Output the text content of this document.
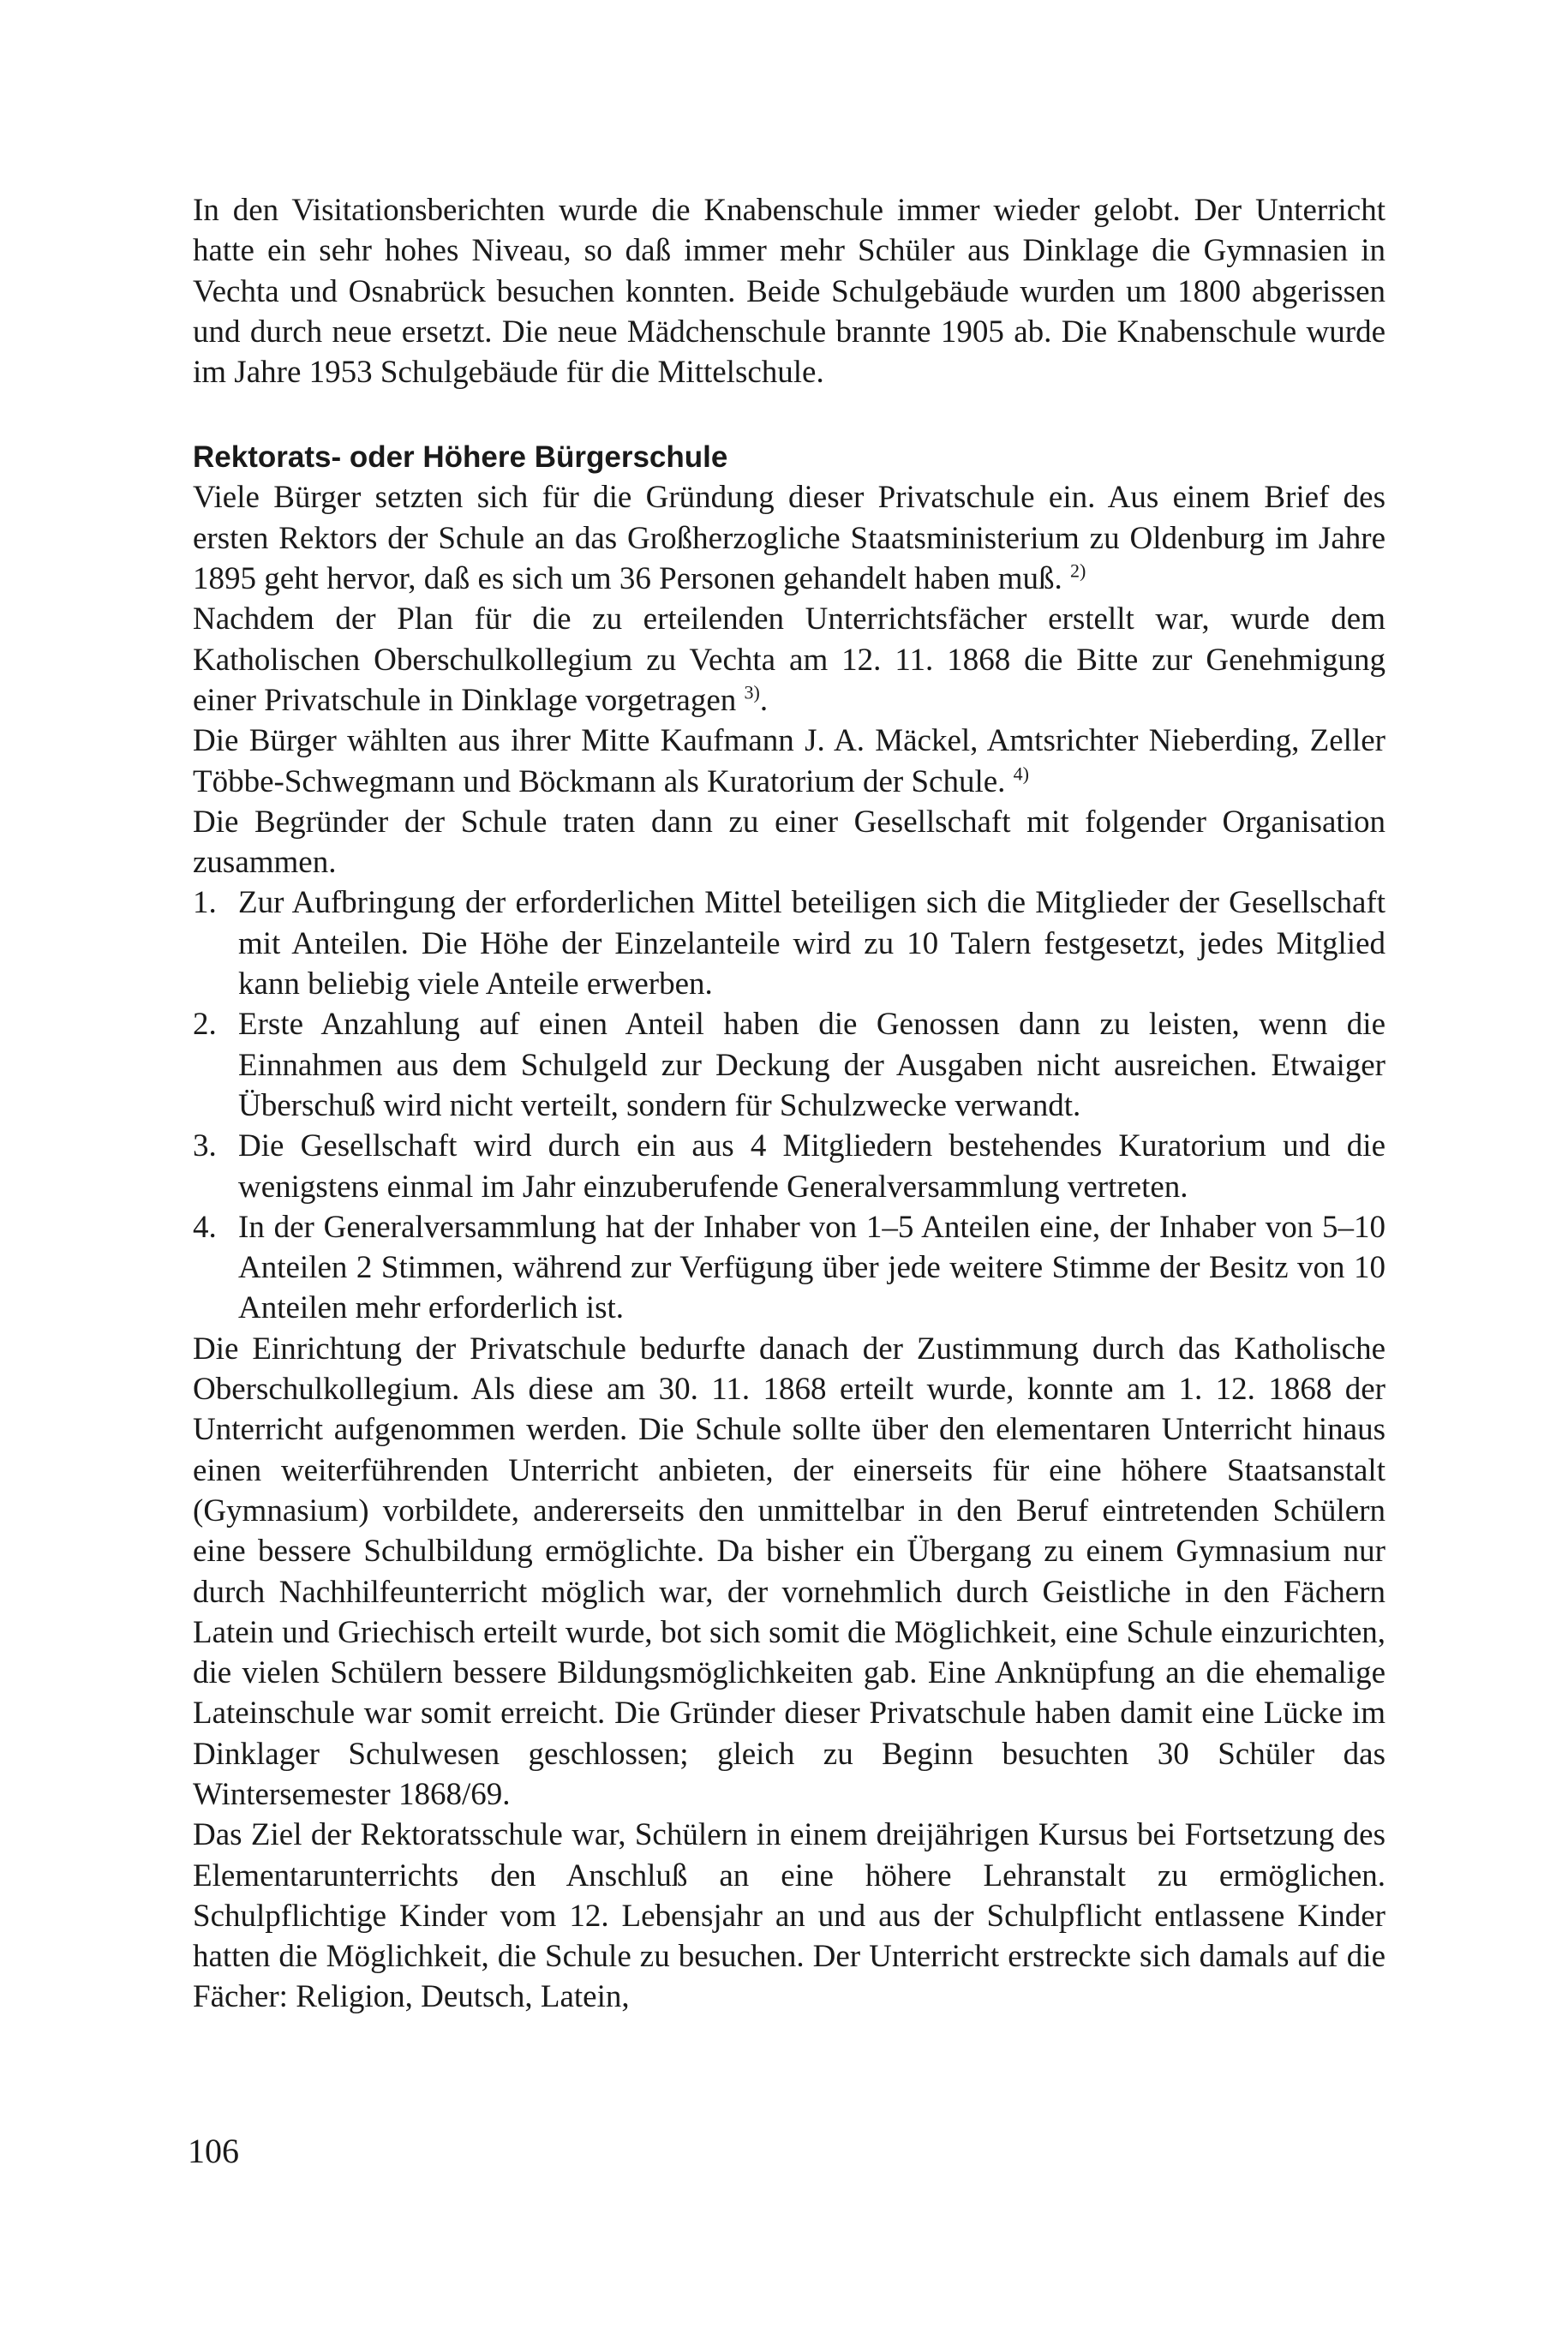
In den Visitationsberichten wurde die Knabenschule immer wieder gelobt. Der Unterricht hatte ein sehr hohes Niveau, so daß immer mehr Schüler aus Dinklage die Gymnasien in Vechta und Osnabrück besuchen konnten. Beide Schulgebäude wurden um 1800 abgerissen und durch neue ersetzt. Die neue Mädchenschule brannte 1905 ab. Die Knabenschule wurde im Jahre 1953 Schulgebäude für die Mittelschule.

Rektorats- oder Höhere Bürgerschule

Viele Bürger setzten sich für die Gründung dieser Privatschule ein. Aus einem Brief des ersten Rektors der Schule an das Großherzogliche Staatsministerium zu Oldenburg im Jahre 1895 geht hervor, daß es sich um 36 Personen gehandelt haben muß. $^{2)}$

Nachdem der Plan für die zu erteilenden Unterrichtsfächer erstellt war, wurde dem Katholischen Oberschulkollegium zu Vechta am 12. 11. 1868 die Bitte zur Genehmigung einer Privatschule in Dinklage vorgetragen $^{3)}$.

Die Bürger wählten aus ihrer Mitte Kaufmann J. A. Mäckel, Amtsrichter Nieberding, Zeller Többe-Schwegmann und Böckmann als Kuratorium der Schule. $^{4)}$

Die Begründer der Schule traten dann zu einer Gesellschaft mit folgender Organisation zusammen.

1. Zur Aufbringung der erforderlichen Mittel beteiligen sich die Mitglieder der Gesellschaft mit Anteilen. Die Höhe der Einzelanteile wird zu 10 Talern festgesetzt, jedes Mitglied kann beliebig viele Anteile erwerben.
2. Erste Anzahlung auf einen Anteil haben die Genossen dann zu leisten, wenn die Einnahmen aus dem Schulgeld zur Deckung der Ausgaben nicht ausreichen. Etwaiger Überschuß wird nicht verteilt, sondern für Schulzwecke verwandt.
3. Die Gesellschaft wird durch ein aus 4 Mitgliedern bestehendes Kuratorium und die wenigstens einmal im Jahr einzuberufende Generalversammlung vertreten.
4. In der Generalversammlung hat der Inhaber von 1–5 Anteilen eine, der Inhaber von 5–10 Anteilen 2 Stimmen, während zur Verfügung über jede weitere Stimme der Besitz von 10 Anteilen mehr erforderlich ist.

Die Einrichtung der Privatschule bedurfte danach der Zustimmung durch das Katholische Oberschulkollegium. Als diese am 30. 11. 1868 erteilt wurde, konnte am 1. 12. 1868 der Unterricht aufgenommen werden. Die Schule sollte über den elementaren Unterricht hinaus einen weiterführenden Unterricht anbieten, der einerseits für eine höhere Staatsanstalt (Gymnasium) vorbildete, andererseits den unmittelbar in den Beruf eintretenden Schülern eine bessere Schulbildung ermöglichte. Da bisher ein Übergang zu einem Gymnasium nur durch Nachhilfeunterricht möglich war, der vornehmlich durch Geistliche in den Fächern Latein und Griechisch erteilt wurde, bot sich somit die Möglichkeit, eine Schule einzurichten, die vielen Schülern bessere Bildungsmöglichkeiten gab. Eine Anknüpfung an die ehemalige Lateinschule war somit erreicht. Die Gründer dieser Privatschule haben damit eine Lücke im Dinklager Schulwesen geschlossen; gleich zu Beginn besuchten 30 Schüler das Wintersemester 1868/69.

Das Ziel der Rektoratsschule war, Schülern in einem dreijährigen Kursus bei Fortsetzung des Elementarunterrichts den Anschluß an eine höhere Lehranstalt zu ermöglichen. Schulpflichtige Kinder vom 12. Lebensjahr an und aus der Schulpflicht entlassene Kinder hatten die Möglichkeit, die Schule zu besuchen. Der Unterricht erstreckte sich damals auf die Fächer: Religion, Deutsch, Latein,

106
